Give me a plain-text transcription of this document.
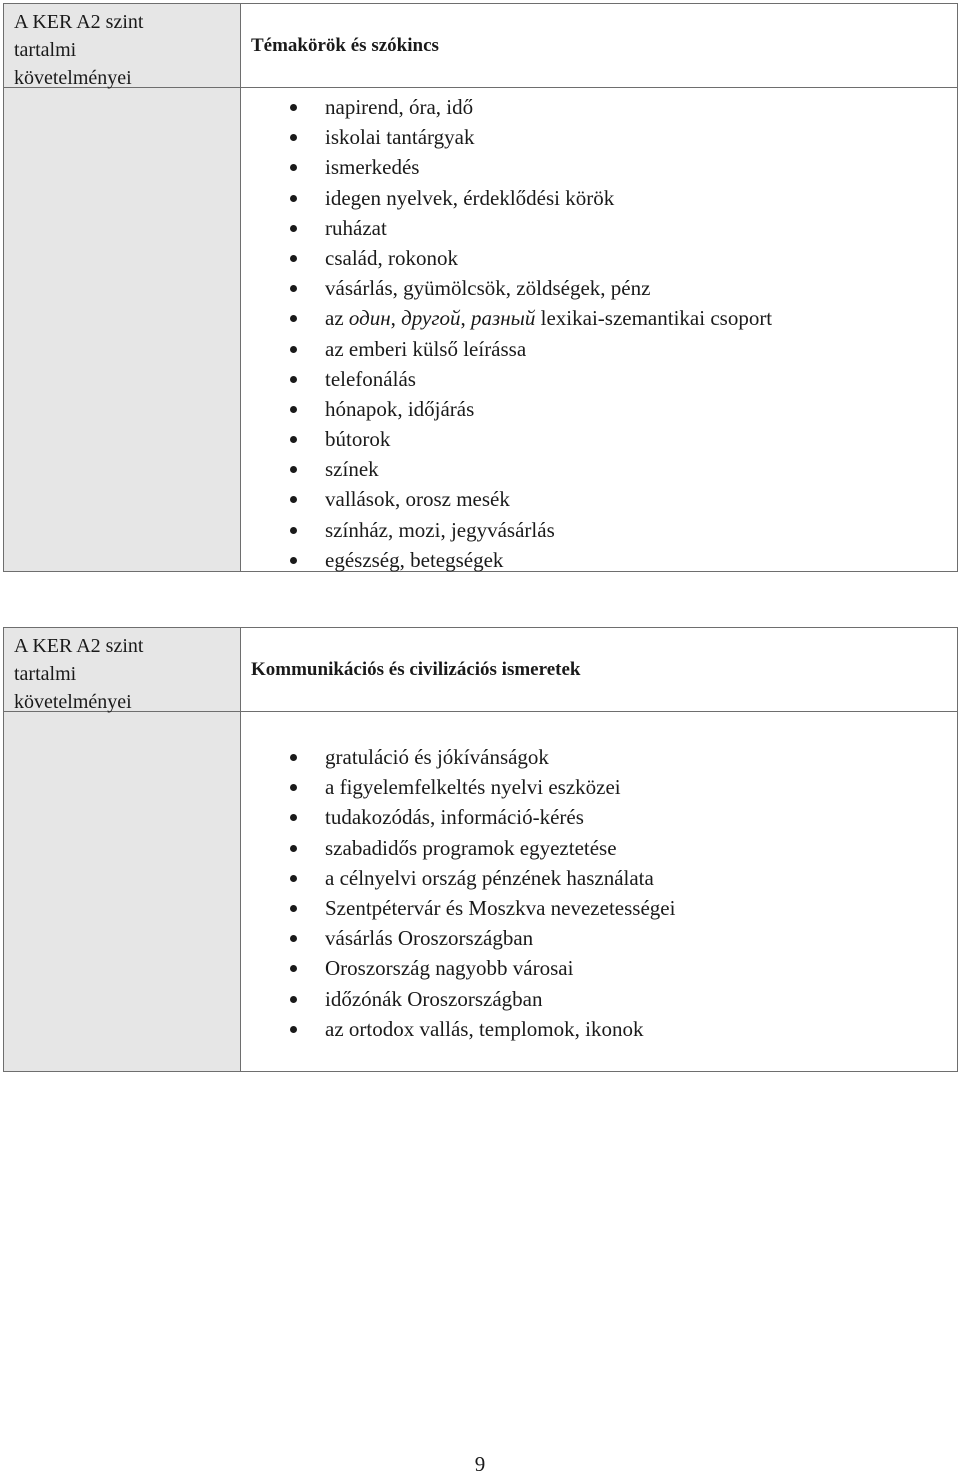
A KER A2 szint
tartalmi
követelményei
Témakörök és szókincs
napirend, óra, idő
iskolai tantárgyak
ismerkedés
idegen nyelvek, érdeklődési körök
ruházat
család, rokonok
vásárlás, gyümölcsök, zöldségek, pénz
az один, другой, разный lexikai-szemantikai csoport
az emberi külső leírássa
telefonálás
hónapok, időjárás
bútorok
színek
vallások, orosz mesék
színház, mozi, jegyvásárlás
egészség, betegségek
A KER A2 szint
tartalmi
követelményei
Kommunikációs és civilizációs ismeretek
gratuláció és jókívánságok
a figyelemfelkeltés nyelvi eszközei
tudakozódás, információ-kérés
szabadidős programok egyeztetése
a célnyelvi ország pénzének használata
Szentpétervár és Moszkva nevezetességei
vásárlás Oroszországban
Oroszország nagyobb városai
időzónák Oroszországban
az ortodox vallás, templomok, ikonok
9
